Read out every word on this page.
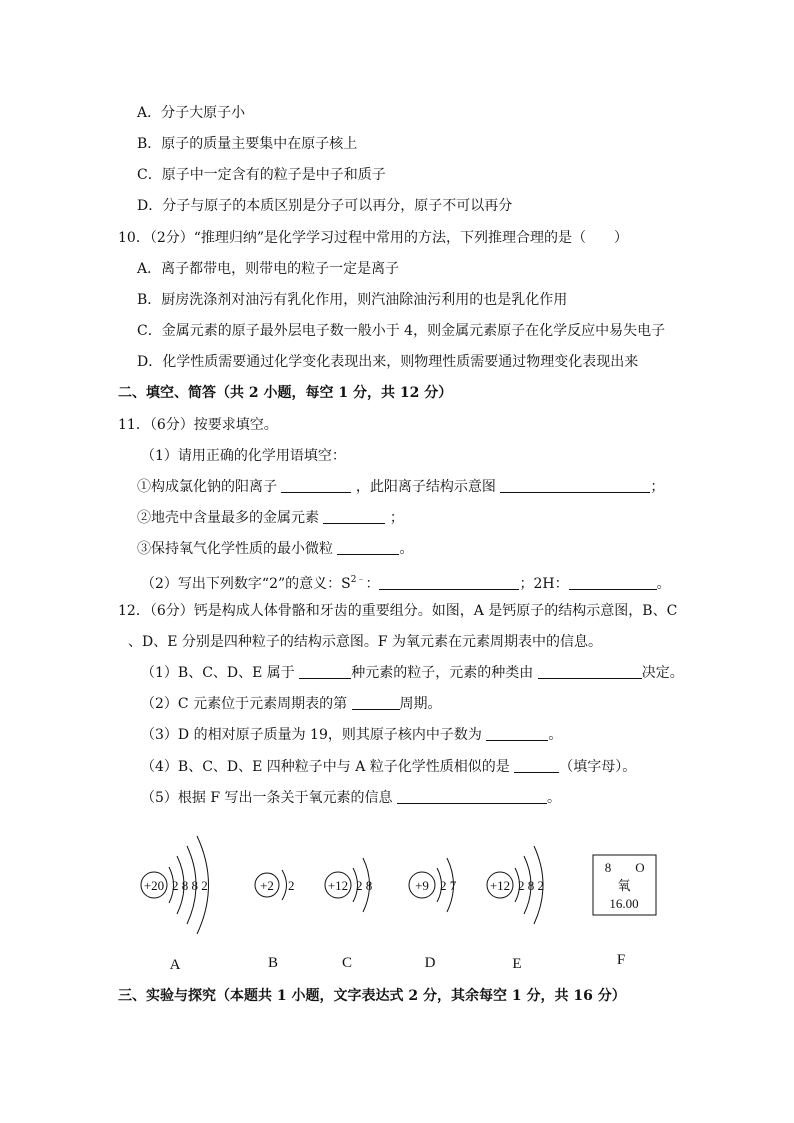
A．分子大原子小
B．原子的质量主要集中在原子核上
C．原子中一定含有的粒子是中子和质子
D．分子与原子的本质区别是分子可以再分，原子不可以再分
10．（2分）“推理归纳”是化学学习过程中常用的方法，下列推理合理的是（　　）
A．离子都带电，则带电的粒子一定是离子
B．厨房洗涤剂对油污有乳化作用，则汽油除油污利用的也是乳化作用
C．金属元素的原子最外层电子数一般小于 4，则金属元素原子在化学反应中易失电子
D．化学性质需要通过化学变化表现出来，则物理性质需要通过物理变化表现出来
二、填空、简答（共 2 小题，每空 1 分，共 12 分）
11．（6分）按要求填空。
（1）请用正确的化学用语填空：
①构成氯化钠的阳离子	，此阳离子结构示意图	；
②地壳中含量最多的金属元素	；
③保持氧气化学性质的最小微粒	。
（2）写出下列数字“2”的意义：$S^{2﹣}$：	；2H：	。
12．（6分）钙是构成人体骨骼和牙齿的重要组分。如图，A 是钙原子的结构示意图，B、C
、D、E 分别是四种粒子的结构示意图。F 为氧元素在元素周期表中的信息。
（1）B、C、D、E 属于	种元素的粒子，元素的种类由	决定。
（2）C 元素位于元素周期表的第	周期。
（3）D 的相对原子质量为 19，则其原子核内中子数为	。
（4）B、C、D、E 四种粒子中与 A 粒子化学性质相似的是	（填字母）。
（5）根据 F 写出一条关于氧元素的信息	。
+20 2 8 8 2	+2 2	+12 2 8	+9 2 7	+12 2 8 2
8 O
氧
16.00
A	B	C	D	E	F
三、实验与探究（本题共 1 小题，文字表达式 2 分，其余每空 1 分，共 16 分）
